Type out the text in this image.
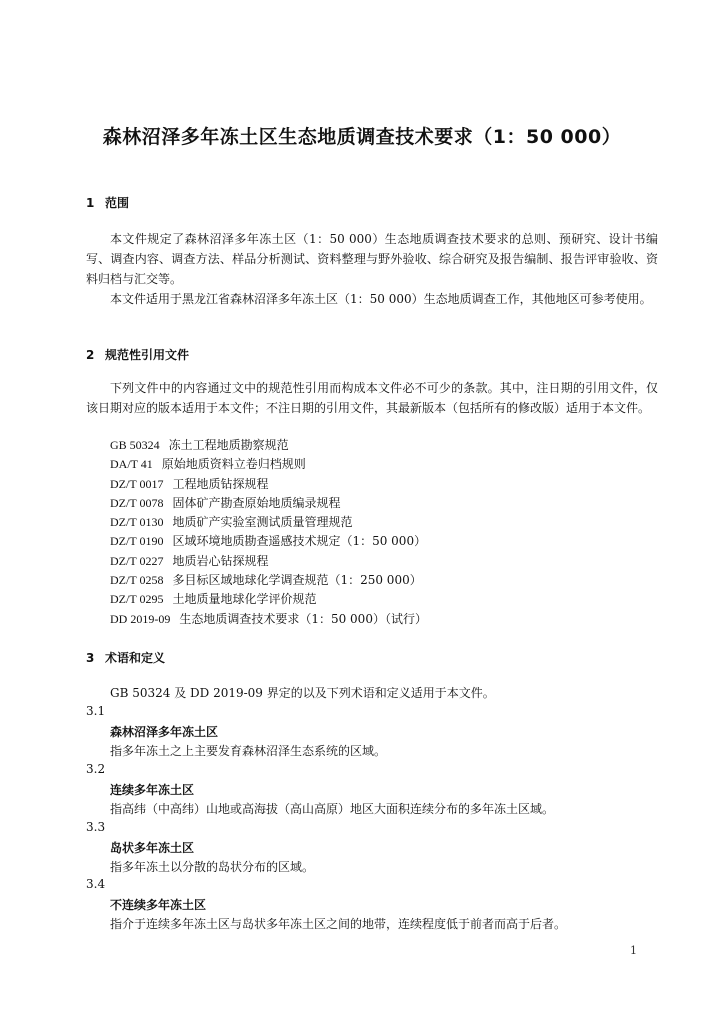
森林沼泽多年冻土区生态地质调查技术要求（1：50 000）
1 范围
本文件规定了森林沼泽多年冻土区（1：50 000）生态地质调查技术要求的总则、预研究、设计书编写、调查内容、调查方法、样品分析测试、资料整理与野外验收、综合研究及报告编制、报告评审验收、资料归档与汇交等。
本文件适用于黑龙江省森林沼泽多年冻土区（1：50 000）生态地质调查工作，其他地区可参考使用。
2 规范性引用文件
下列文件中的内容通过文中的规范性引用而构成本文件必不可少的条款。其中，注日期的引用文件，仅该日期对应的版本适用于本文件；不注日期的引用文件，其最新版本（包括所有的修改版）适用于本文件。
GB 50324 冻土工程地质勘察规范
DA/T 41 原始地质资料立卷归档规则
DZ/T 0017 工程地质钻探规程
DZ/T 0078 固体矿产勘查原始地质编录规程
DZ/T 0130 地质矿产实验室测试质量管理规范
DZ/T 0190 区域环境地质勘查遥感技术规定（1：50 000）
DZ/T 0227 地质岩心钻探规程
DZ/T 0258 多目标区域地球化学调查规范（1：250 000）
DZ/T 0295 土地质量地球化学评价规范
DD 2019-09 生态地质调查技术要求（1：50 000）（试行）
3 术语和定义
GB 50324 及 DD 2019-09 界定的以及下列术语和定义适用于本文件。
3.1
森林沼泽多年冻土区
指多年冻土之上主要发育森林沼泽生态系统的区域。
3.2
连续多年冻土区
指高纬（中高纬）山地或高海拔（高山高原）地区大面积连续分布的多年冻土区域。
3.3
岛状多年冻土区
指多年冻土以分散的岛状分布的区域。
3.4
不连续多年冻土区
指介于连续多年冻土区与岛状多年冻土区之间的地带，连续程度低于前者而高于后者。
1
